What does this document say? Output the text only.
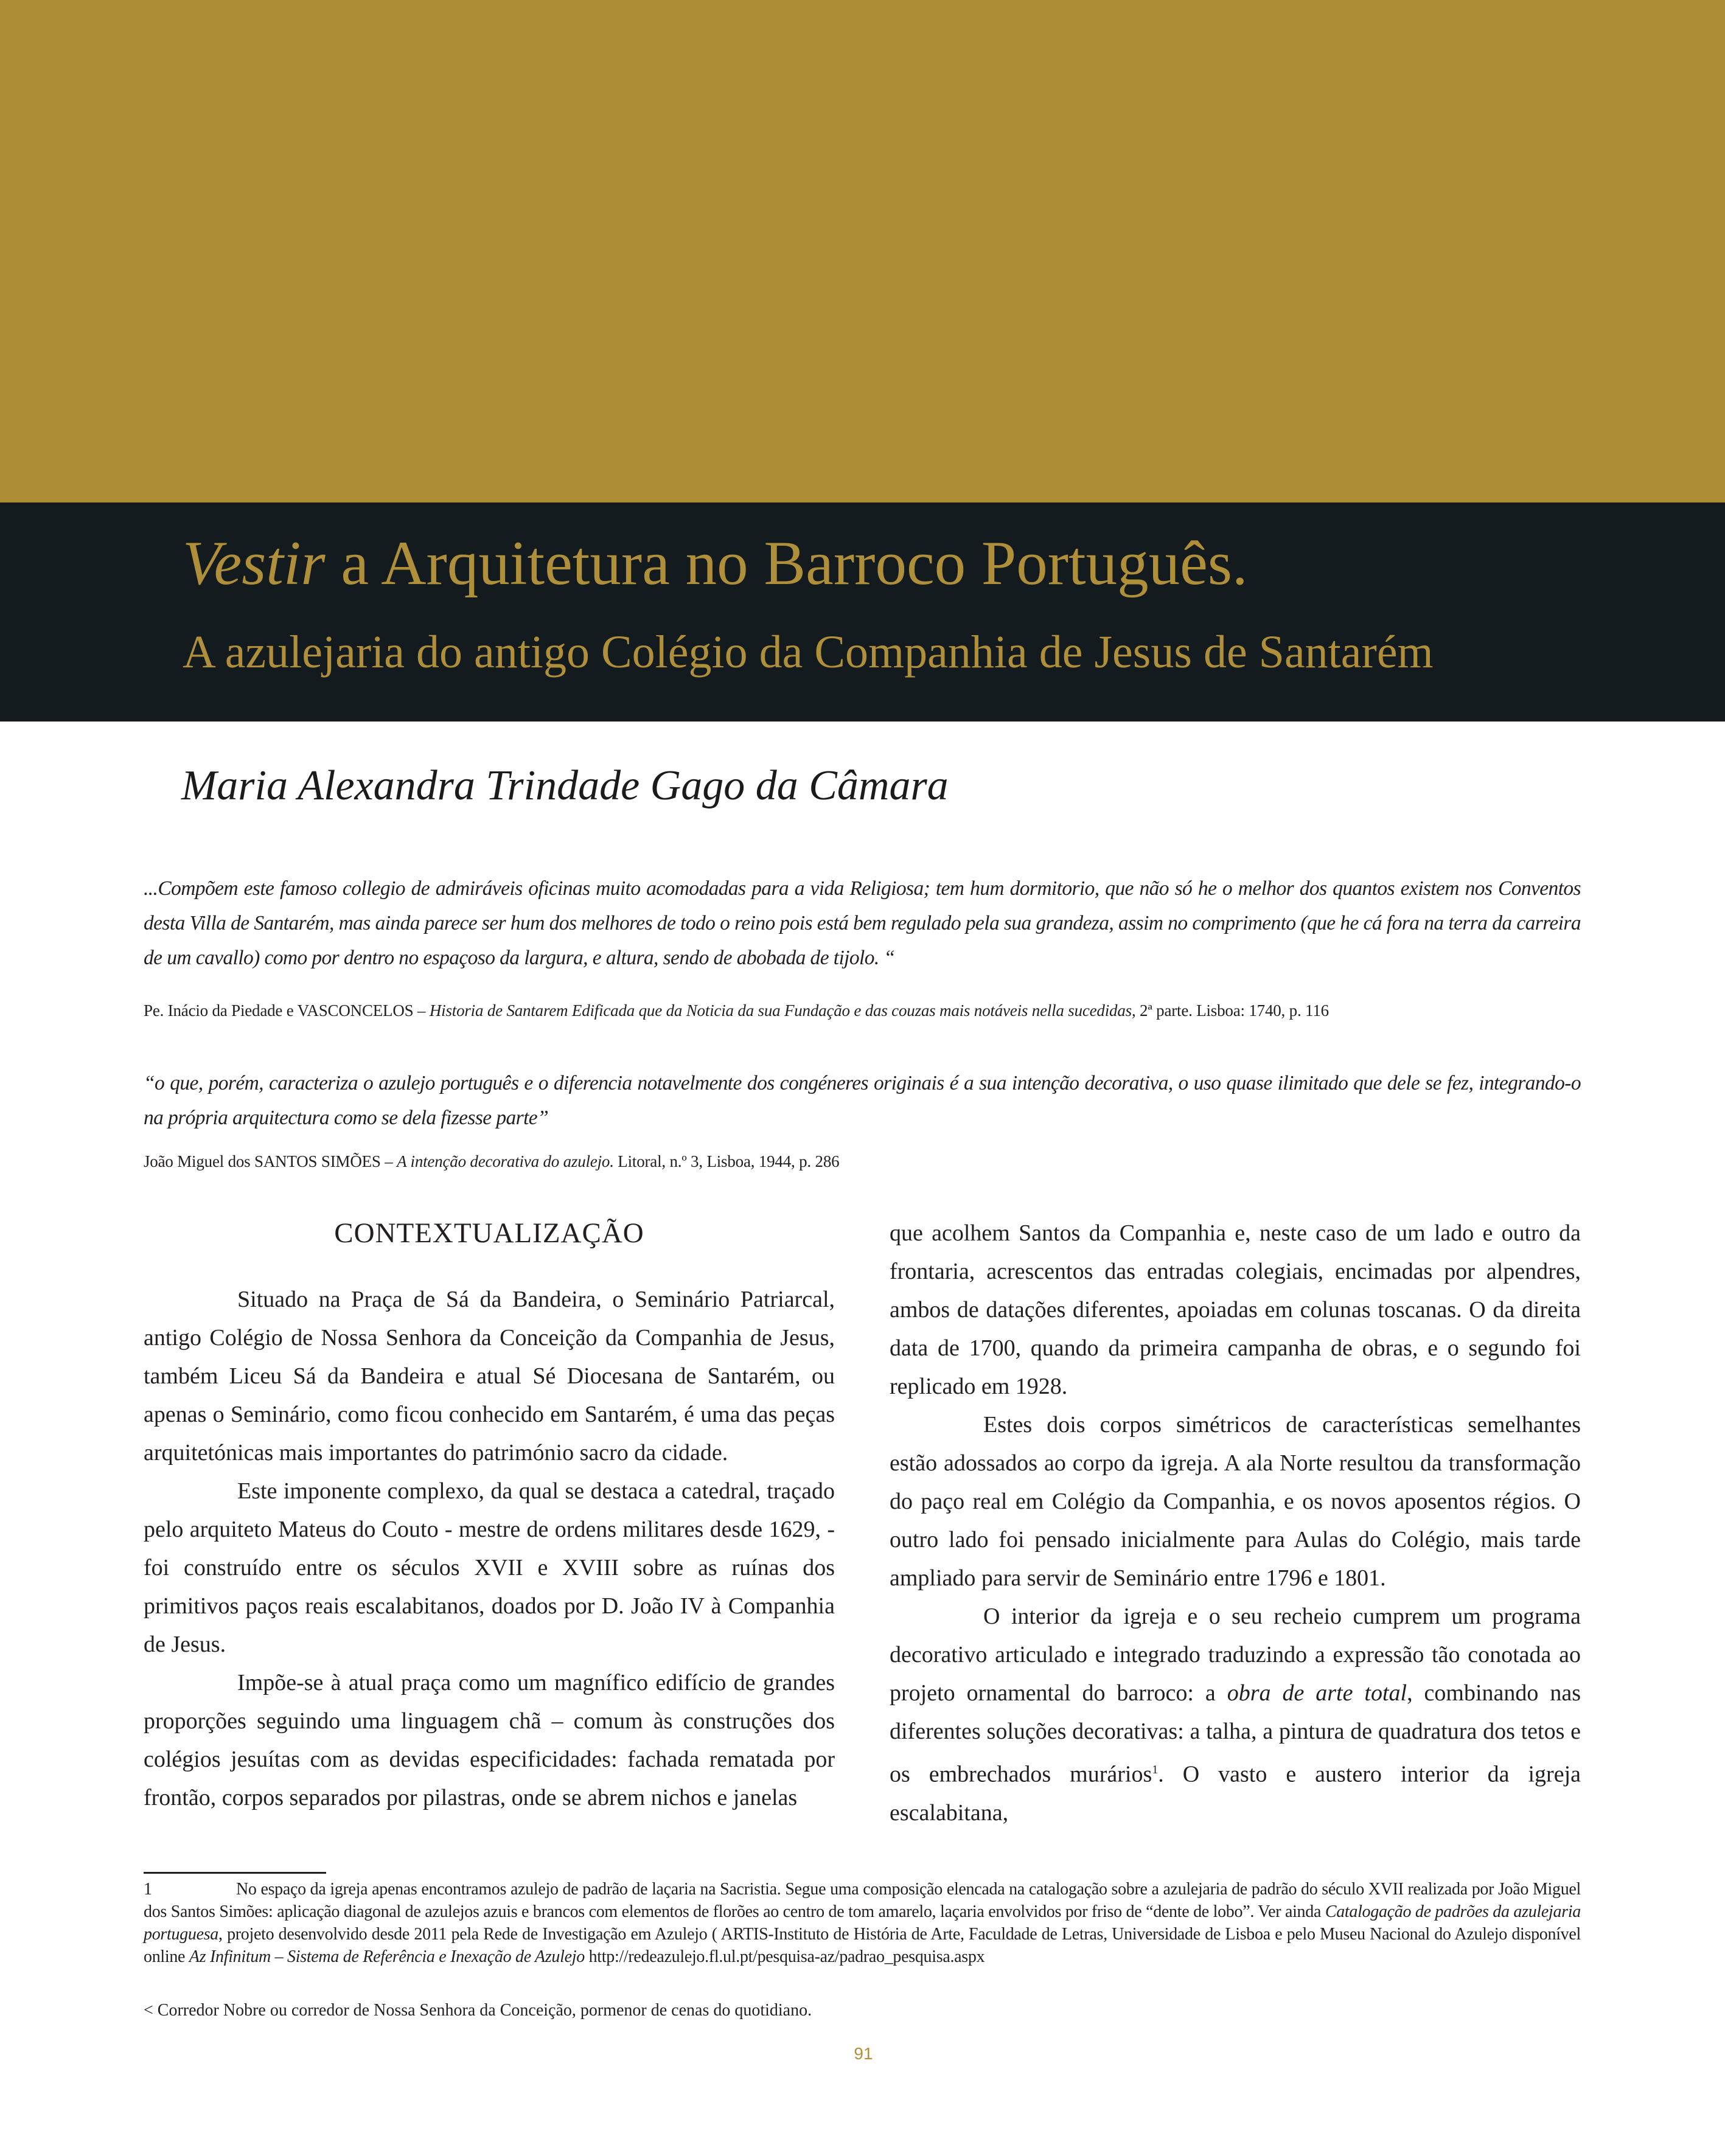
Vestir a Arquitetura no Barroco Português.
A azulejaria do antigo Colégio da Companhia de Jesus de Santarém
Maria Alexandra Trindade Gago da Câmara

...Compõem este famoso collegio de admiráveis oficinas muito acomodadas para a vida Religiosa; tem hum dormitorio, que não só he o melhor dos quantos existem nos Conventos desta Villa de Santarém, mas ainda parece ser hum dos melhores de todo o reino pois está bem regulado pela sua grandeza, assim no comprimento (que he cá fora na terra da carreira de um cavallo) como por dentro no espaçoso da largura, e altura, sendo de abobada de tijolo. “

Pe. Inácio da Piedade e VASCONCELOS – Historia de Santarem Edificada que da Noticia da sua Fundação e das couzas mais notáveis nella sucedidas, 2ª parte. Lisboa: 1740, p. 116

“o que, porém, caracteriza o azulejo português e o diferencia notavelmente dos congéneres originais é a sua intenção decorativa, o uso quase ilimitado que dele se fez, integrando-o na própria arquitectura como se dela fizesse parte”

João Miguel dos SANTOS SIMÕES – A intenção decorativa do azulejo. Litoral, n.º 3, Lisboa, 1944, p. 286

CONTEXTUALIZAÇÃO

Situado na Praça de Sá da Bandeira, o Seminário Patriarcal, antigo Colégio de Nossa Senhora da Conceição da Companhia de Jesus, também Liceu Sá da Bandeira e atual Sé Diocesana de Santarém, ou apenas o Seminário, como ficou conhecido em Santarém, é uma das peças arquitetónicas mais importantes do património sacro da cidade.

Este imponente complexo, da qual se destaca a catedral, traçado pelo arquiteto Mateus do Couto - mestre de ordens militares desde 1629, - foi construído entre os séculos XVII e XVIII sobre as ruínas dos primitivos paços reais escalabitanos, doados por D. João IV à Companhia de Jesus.

Impõe-se à atual praça como um magnífico edifício de grandes proporções seguindo uma linguagem chã – comum às construções dos colégios jesuítas com as devidas especificidades: fachada rematada por frontão, corpos separados por pilastras, onde se abrem nichos e janelas

que acolhem Santos da Companhia e, neste caso de um lado e outro da frontaria, acrescentos das entradas colegiais, encimadas por alpendres, ambos de datações diferentes, apoiadas em colunas toscanas. O da direita data de 1700, quando da primeira campanha de obras, e o segundo foi replicado em 1928.

Estes dois corpos simétricos de características semelhantes estão adossados ao corpo da igreja. A ala Norte resultou da transformação do paço real em Colégio da Companhia, e os novos aposentos régios. O outro lado foi pensado inicialmente para Aulas do Colégio, mais tarde ampliado para servir de Seminário entre 1796 e 1801.

O interior da igreja e o seu recheio cumprem um programa decorativo articulado e integrado traduzindo a expressão tão conotada ao projeto ornamental do barroco: a obra de arte total, combinando nas diferentes soluções decorativas: a talha, a pintura de quadratura dos tetos e os embrechados murários$^1$. O vasto e austero interior da igreja escalabitana,

1	No espaço da igreja apenas encontramos azulejo de padrão de laçaria na Sacristia. Segue uma composição elencada na catalogação sobre a azulejaria de padrão do século XVII realizada por João Miguel dos Santos Simões: aplicação diagonal de azulejos azuis e brancos com elementos de florões ao centro de tom amarelo, laçaria envolvidos por friso de “dente de lobo”. Ver ainda Catalogação de padrões da azulejaria portuguesa, projeto desenvolvido desde 2011 pela Rede de Investigação em Azulejo ( ARTIS-Instituto de História de Arte, Faculdade de Letras, Universidade de Lisboa e pelo Museu Nacional do Azulejo disponível online Az Infinitum – Sistema de Referência e Inexação de Azulejo http://redeazulejo.fl.ul.pt/pesquisa-az/padrao_pesquisa.aspx

< Corredor Nobre ou corredor de Nossa Senhora da Conceição, pormenor de cenas do quotidiano.

91
